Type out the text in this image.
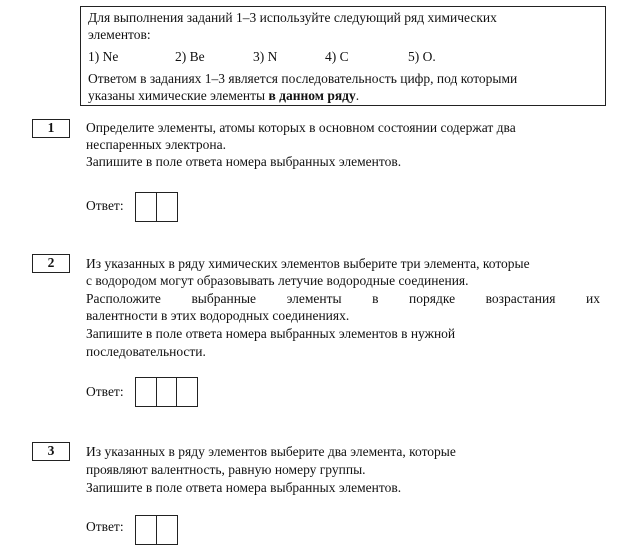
Для выполнения заданий 1–3 используйте следующий ряд химических
элементов:
1) Ne	2) Be	3) N	4) C	5) O.
Ответом в заданиях 1–3 является последовательность цифр, под которыми
указаны химические элементы в данном ряду.
1	Определите элементы, атомы которых в основном состоянии содержат два
неспаренных электрона.
Запишите в поле ответа номера выбранных элементов.
Ответ:
2	Из указанных в ряду химических элементов выберите три элемента, которые
с водородом могут образовывать летучие водородные соединения.
Расположите выбранные элементы в порядке возрастания их
валентности в этих водородных соединениях.
Запишите в поле ответа номера выбранных элементов в нужной
последовательности.
Ответ:
3	Из указанных в ряду элементов выберите два элемента, которые
проявляют валентность, равную номеру группы.
Запишите в поле ответа номера выбранных элементов.
Ответ:
